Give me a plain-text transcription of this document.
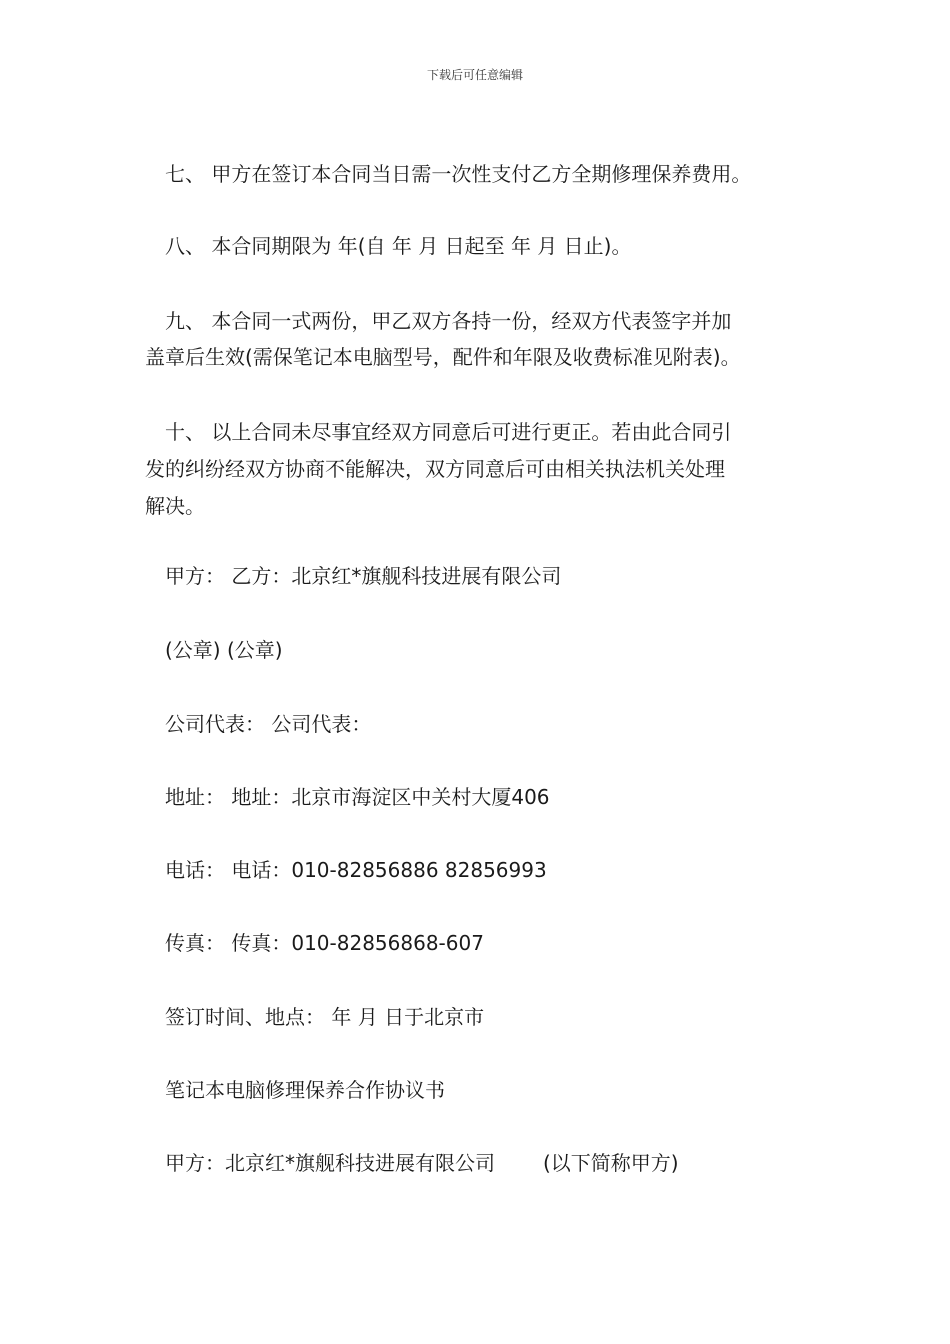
下载后可任意编辑
七、 甲方在签订本合同当日需一次性支付乙方全期修理保养费用。
八、 本合同期限为 年(自 年 月 日起至 年 月 日止)。
九、 本合同一式两份，甲乙双方各持一份，经双方代表签字并加
盖章后生效(需保笔记本电脑型号，配件和年限及收费标准见附表)。
十、 以上合同未尽事宜经双方同意后可进行更正。若由此合同引
发的纠纷经双方协商不能解决，双方同意后可由相关执法机关处理
解决。
甲方： 乙方：北京红*旗舰科技进展有限公司
(公章) (公章)
公司代表： 公司代表：
地址： 地址：北京市海淀区中关村大厦406
电话： 电话：010-82856886 82856993
传真： 传真：010-82856868-607
签订时间、地点： 年 月 日于北京市
笔记本电脑修理保养合作协议书
甲方：北京红*旗舰科技进展有限公司 (以下简称甲方)
